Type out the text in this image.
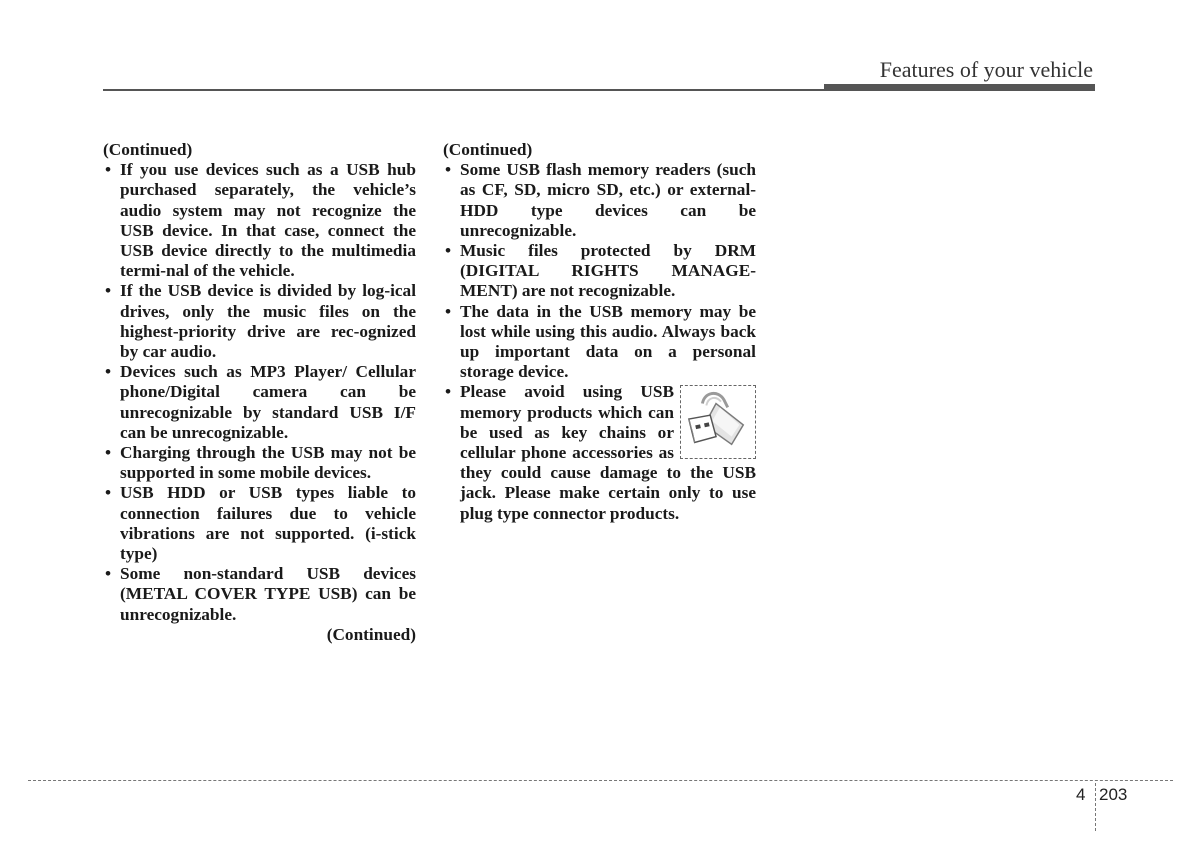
Features of your vehicle

(Continued)

• If you use devices such as a USB hub purchased separately, the vehicle’s audio system may not recognize the USB device. In that case, connect the USB device directly to the multimedia termi-nal of the vehicle.
• If the USB device is divided by log-ical drives, only the music files on the highest-priority drive are rec-ognized by car audio.
• Devices such as MP3 Player/ Cellular phone/Digital camera can be unrecognizable by standard USB I/F can be unrecognizable.
• Charging through the USB may not be supported in some mobile devices.
• USB HDD or USB types liable to connection failures due to vehicle vibrations are not supported. (i-stick type)
• Some non-standard USB devices (METAL COVER TYPE USB) can be unrecognizable.

(Continued)

(Continued)

• Some USB flash memory readers (such as CF, SD, micro SD, etc.) or external-HDD type devices can be unrecognizable.
• Music files protected by DRM (DIGITAL RIGHTS MANAGE-MENT) are not recognizable.
• The data in the USB memory may be lost while using this audio. Always back up important data on a personal storage device.
• Please avoid using USB memory products which can be used as key chains or cellular phone accessories as they could cause damage to the USB jack. Please make certain only to use plug type connector products.
4 203
